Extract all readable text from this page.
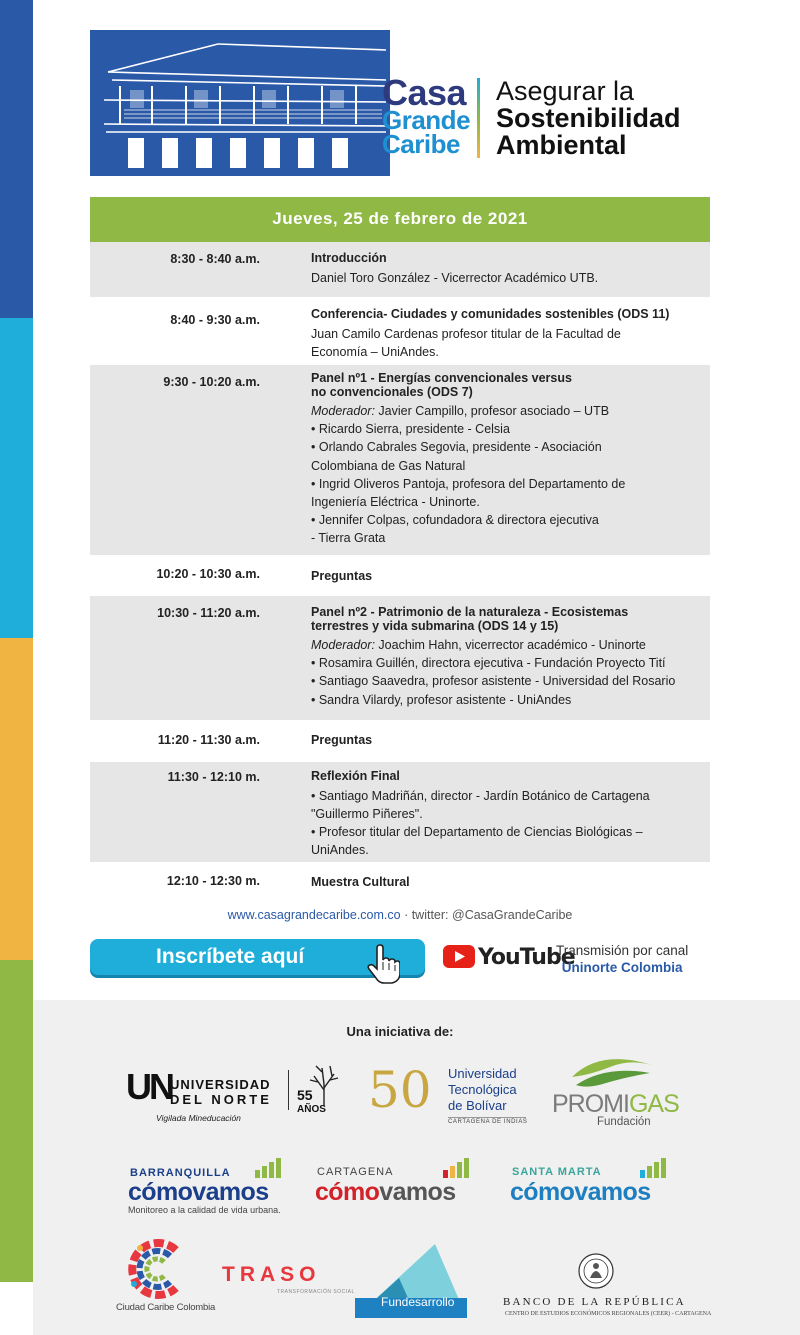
Casa
Grande
Caribe
Asegurar la
Sostenibilidad
Ambiental
Jueves, 25 de febrero de 2021
8:30 - 8:40 a.m.	Introducción
Daniel Toro González - Vicerrector Académico UTB.
8:40 - 9:30 a.m.	Conferencia- Ciudades y comunidades sostenibles (ODS 11)
Juan Camilo Cardenas profesor titular de la Facultad de
Economía – UniAndes.
9:30 - 10:20 a.m.	Panel nº1 - Energías convencionales versus
no convencionales (ODS 7)
Moderador: Javier Campillo, profesor asociado – UTB
• Ricardo Sierra, presidente - Celsia
• Orlando Cabrales Segovia, presidente - Asociación
Colombiana de Gas Natural
• Ingrid Oliveros Pantoja, profesora del Departamento de
Ingeniería Eléctrica - Uninorte.
• Jennifer Colpas, cofundadora & directora ejecutiva
- Tierra Grata
10:20 - 10:30 a.m.	Preguntas
10:30 - 11:20 a.m.	Panel nº2 - Patrimonio de la naturaleza - Ecosistemas
terrestres y vida submarina (ODS 14 y 15)
Moderador: Joachim Hahn, vicerrector académico - Uninorte
• Rosamira Guillén, directora ejecutiva - Fundación Proyecto Tití
• Santiago Saavedra, profesor asistente - Universidad del Rosario
• Sandra Vilardy, profesor asistente - UniAndes
11:20 - 11:30 a.m.	Preguntas
11:30 - 12:10 m.	Reflexión Final
• Santiago Madriñán, director - Jardín Botánico de Cartagena
"Guillermo Piñeres".
• Profesor titular del Departamento de Ciencias Biológicas –
UniAndes.
12:10 - 12:30 m.	Muestra Cultural
www.casagrandecaribe.com.co · twitter: @CasaGrandeCaribe
Inscríbete aquí	YouTube
Transmisión por canal
Uninorte Colombia
Una iniciativa de:
UN
UNIVERSIDAD
DEL NORTE
Vigilada Mineducación
55
AÑOS 50 Universidad
Tecnológica
de Bolívar
CARTAGENA DE INDIAS
PROMIGAS
Fundación
BARRANQUILLA
cómovamos
Monitoreo a la calidad de vida urbana.
CARTAGENA
cómovamos
SANTA MARTA
cómovamos
Ciudad Caribe Colombia
TRASO
TRANSFORMACIÓN SOCIAL
Fundesarrollo	BANCO DE LA REPÚBLICA
CENTRO DE ESTUDIOS ECONÓMICOS REGIONALES (CEER) - CARTAGENA
